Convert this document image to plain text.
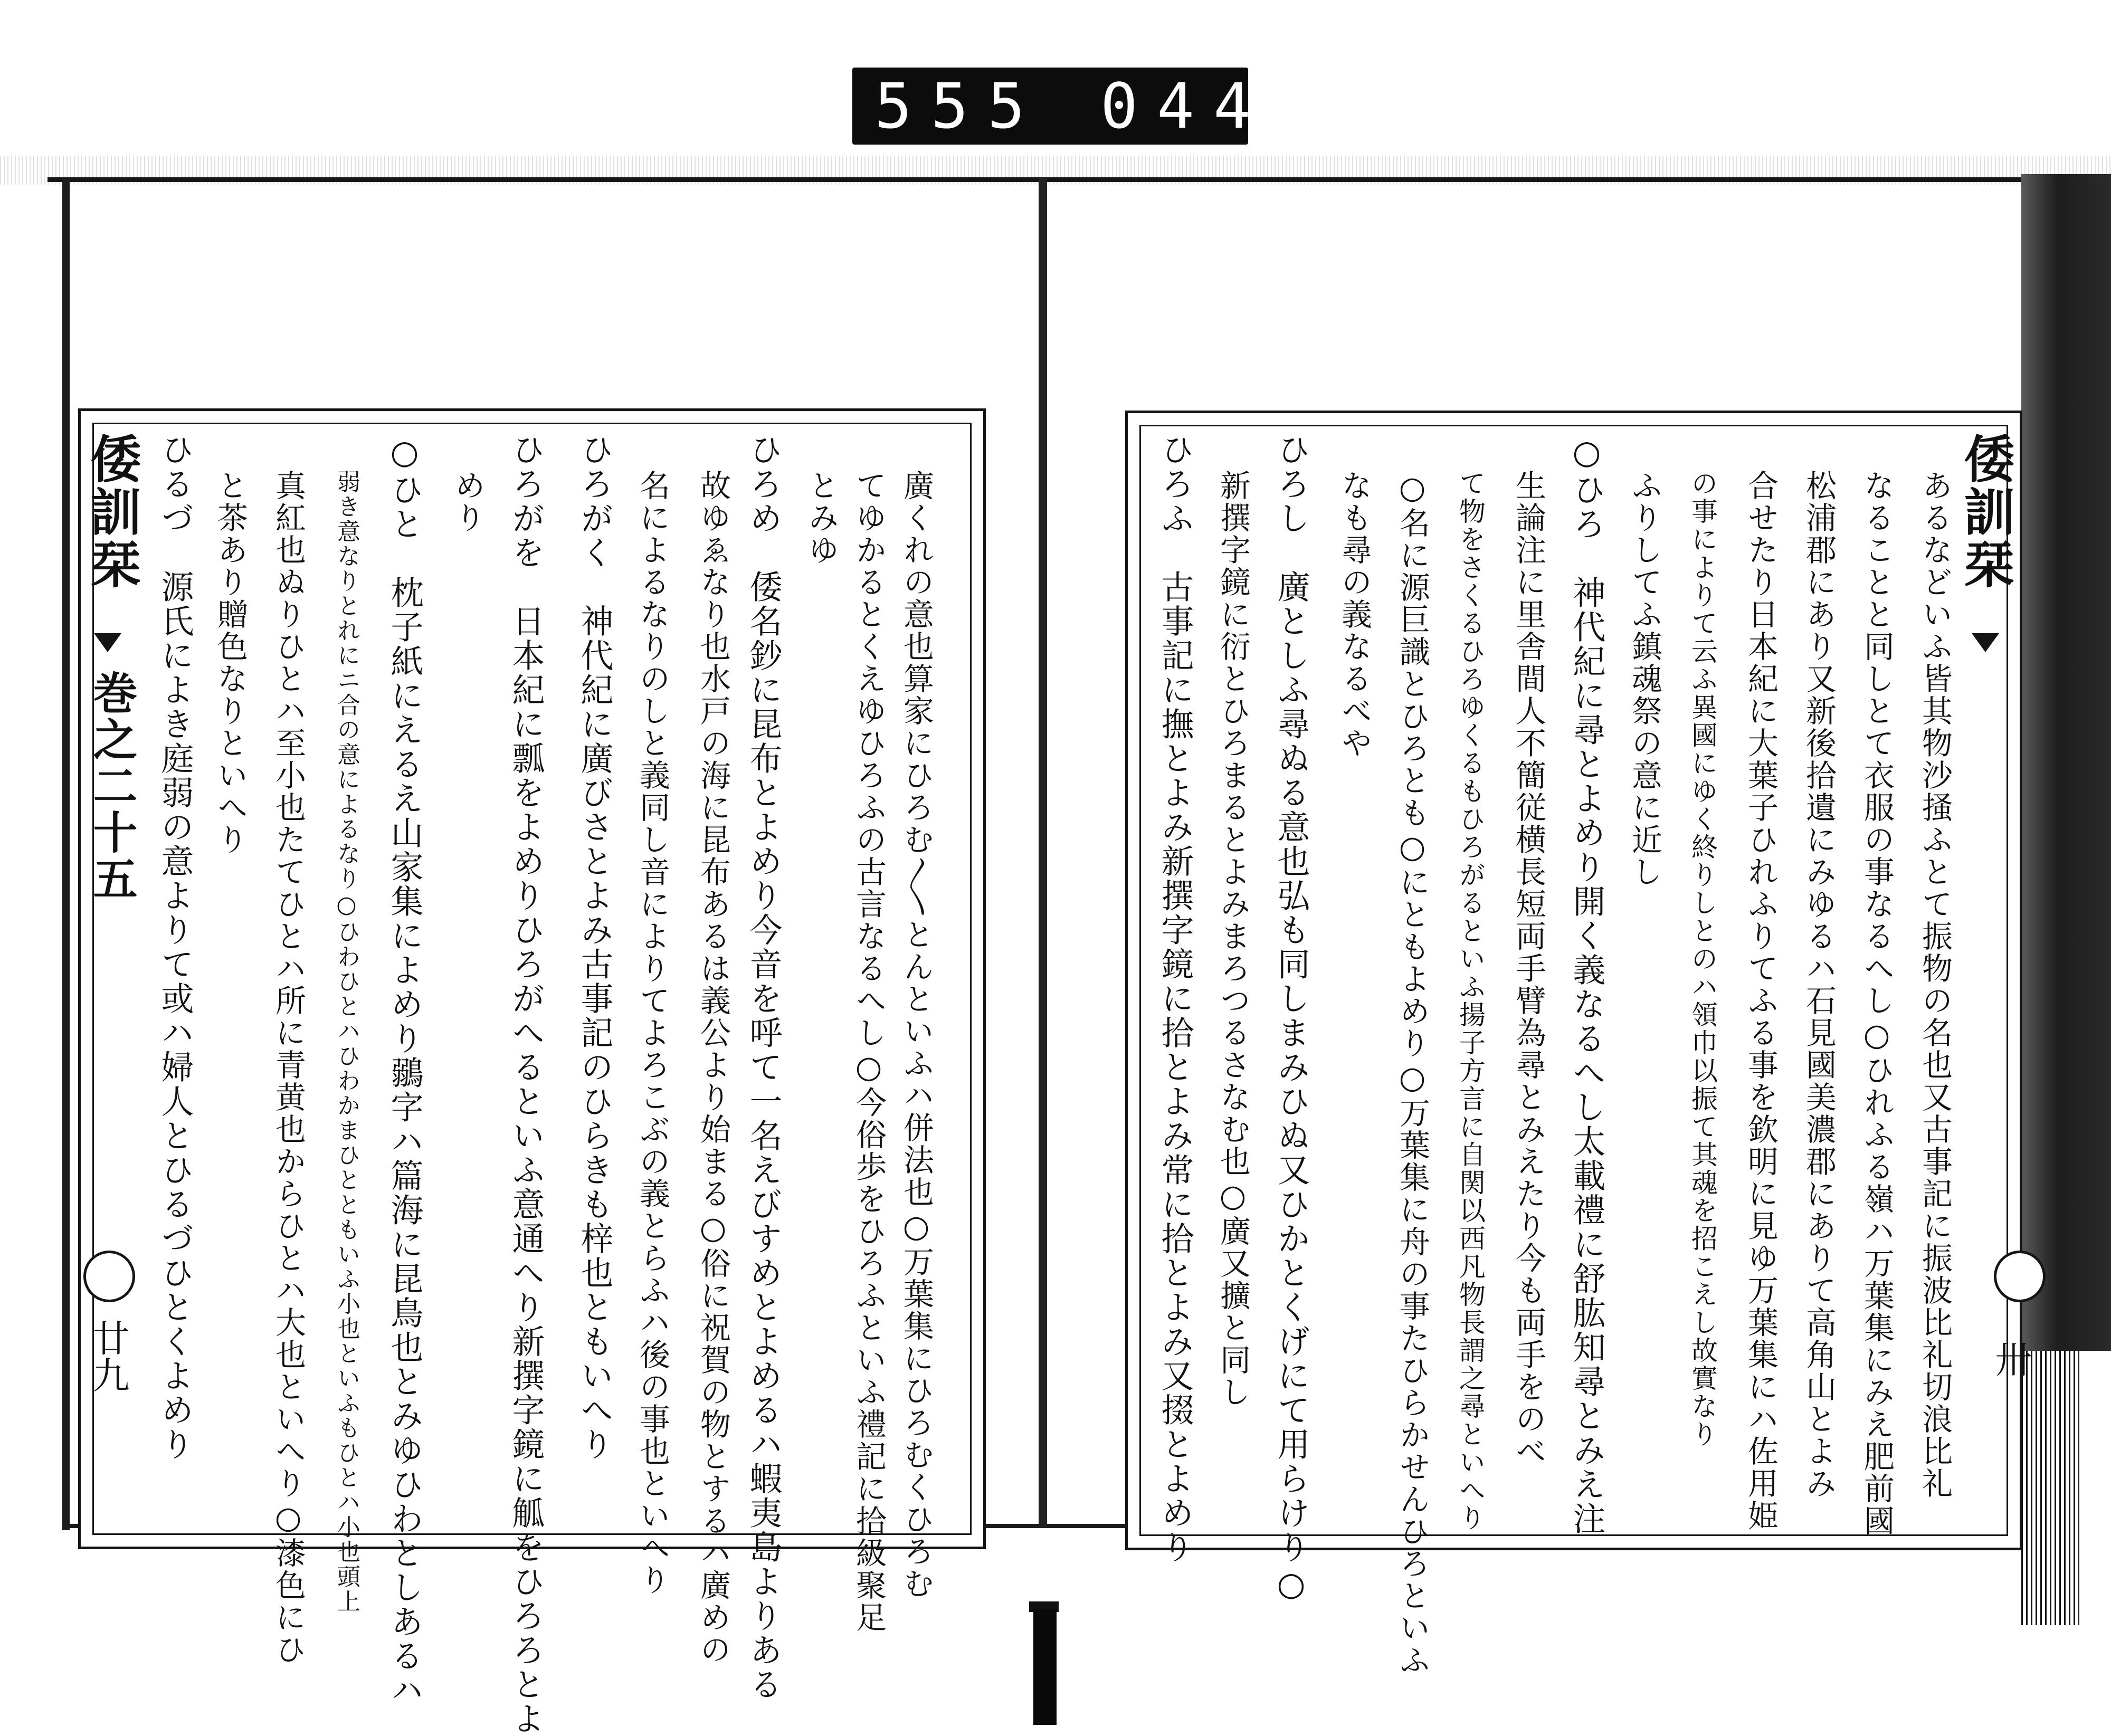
555 044
倭訓栞
巻之二十五
廿九	廣くれの意也算家にひろむ〳〵とんといふハ併法也○万葉集にひろむくひろむ
てゆかるとくえゆひろふの古言なるへし○今俗歩をひろふといふ禮記に拾級聚足
とみゆ
ひろめ　倭名鈔に昆布とよめり今音を呼て一名えびすめとよめるハ蝦夷島よりある
故ゆゑなり也水戸の海に昆布あるは義公より始まる○俗に祝賀の物とするハ廣めの
名によるなりのしと義同し音によりてよろこぶの義とらふハ後の事也といへり
ひろがく　神代紀に廣びさとよみ古事記のひらきも梓也ともいへり
ひろがを　日本紀に瓢をよめりひろがへるといふ意通へり新撰字鏡に觚をひろろとよ
めり
○ひと　枕子紙にえるえ山家集によめり鶸字ハ篇海に昆鳥也とみゆひわとしあるハ
弱き意なりとれにニ合の意によるなり○ひわひとハひわかまひとともいふ小也といふもひとハ小也頭上
真紅也ぬりひとハ至小也たてひとハ所に青黄也からひとハ大也といへり○漆色にひ
と茶あり贈色なりといへり
ひるづ　源氏によき庭弱の意よりて或ハ婦人とひるづひとくよめり	倭訓栞
卅
あるなどいふ皆其物沙掻ふとて振物の名也又古事記に振波比礼切浪比礼
なることと同しとて衣服の事なるへし○ひれふる嶺ハ万葉集にみえ肥前國
松浦郡にあり又新後拾遺にみゆるハ石見國美濃郡にありて高角山とよみ
合せたり日本紀に大葉子ひれふりてふる事を欽明に見ゆ万葉集にハ佐用姫
の事によりて云ふ異國にゆく終りしとのハ領巾以振て其魂を招こえし故實なり
ふりしてふ鎮魂祭の意に近し
○ひろ　神代紀に尋とよめり開く義なるへし太載禮に舒肱知尋とみえ注
生論注に里舎間人不簡従横長短両手臂為尋とみえたり今も両手をのべ
て物をさくるひろゆくるもひろがるといふ揚子方言に自関以西凡物長謂之尋といへり
○名に源巨識とひろとも○にともよめり○万葉集に舟の事たひらかせんひろといふ
なも尋の義なるべや
ひろし　廣としふ尋ぬる意也弘も同しまみひぬ又ひかとくげにて用らけり○
新撰字鏡に衍とひろまるとよみまろつるさなむ也○廣又擴と同し
ひろふ　古事記に撫とよみ新撰字鏡に拾とよみ常に拾とよみ又掇とよめり
